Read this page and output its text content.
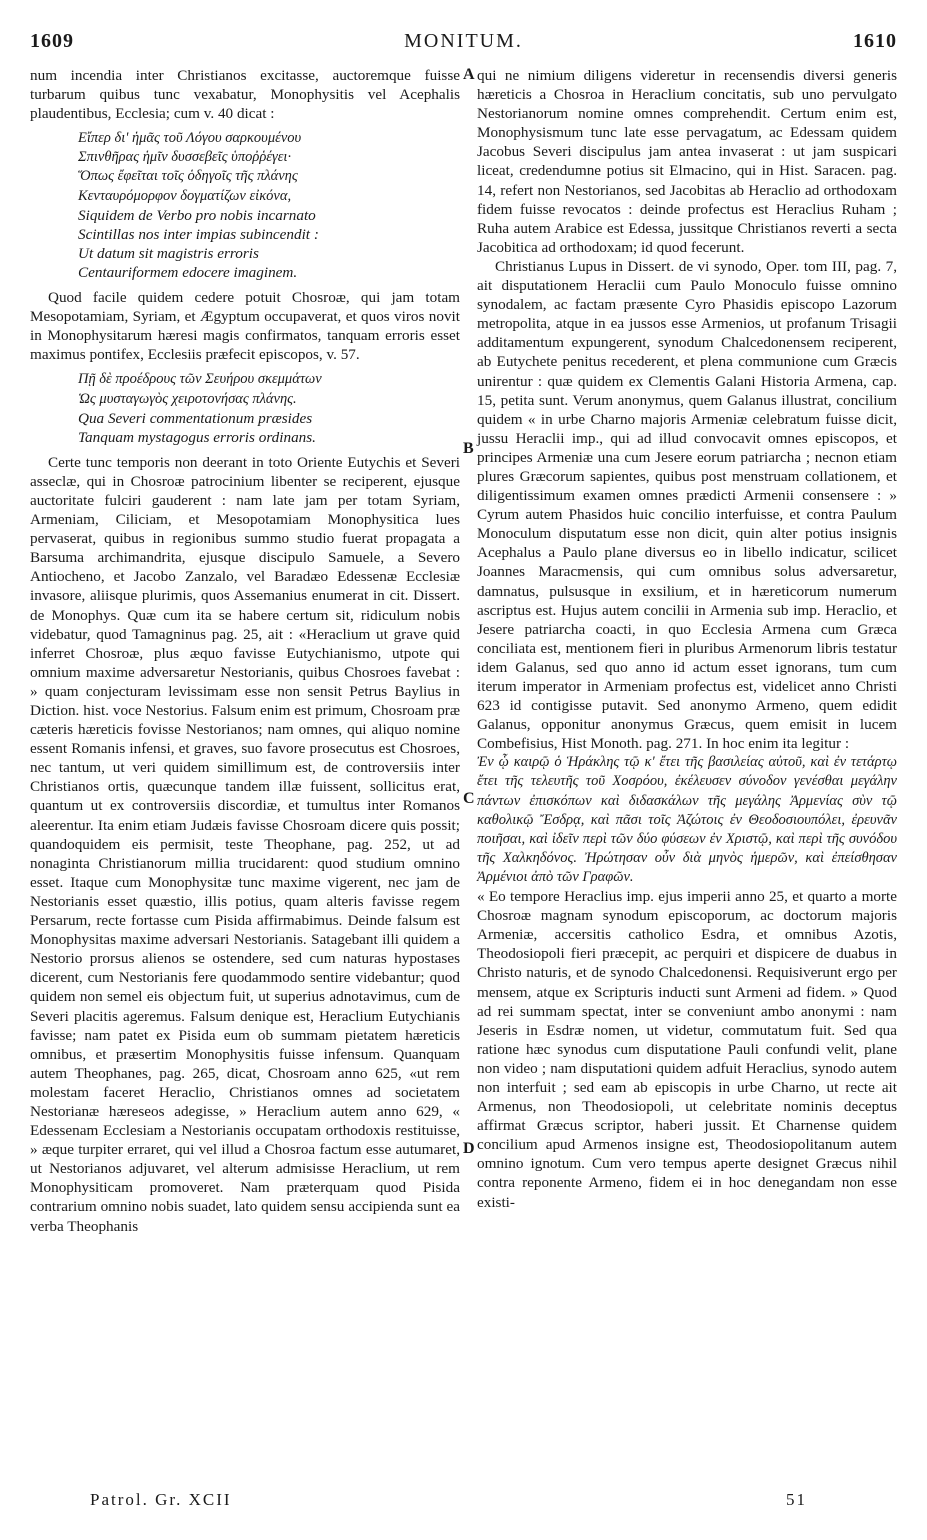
1609	MONITUM.	1610

num incendia inter Christianos excitasse, auctoremque fuisse turbarum quibus tunc vexabatur, Monophysitis vel Acephalis plaudentibus, Ecclesia; cum v. 40 dicat :

Εἴπερ δι' ἡμᾶς τοῦ Λόγου σαρκουμένου
Σπινθῆρας ἡμῖν δυσσεβεῖς ὑποῤῥέγει·
Ὅπως ἔφεῖται τοῖς ὁδηγοῖς τῆς πλάνης
Κενταυρόμορφον δογματίζων εἰκόνα,
Siquidem de Verbo pro nobis incarnato
Scintillas nos inter impias subincendit :
Ut datum sit magistris erroris
Centauriformem edocere imaginem.

Quod facile quidem cedere potuit Chosroæ, qui jam totam Mesopotamiam, Syriam, et Ægyptum occupaverat, et quos viros novit in Monophysitarum hæresi magis confirmatos, tanquam erroris esset maximus pontifex, Ecclesiis præfecit episcopos, v. 57.

Πῇ δὲ προέδρους τῶν Σευήρου σκεμμάτων
Ὡς μυσταγωγὸς χειροτονήσας πλάνης.
Qua Severi commentationum præsides
Tanquam mystagogus erroris ordinans.

Certe tunc temporis non deerant in toto Oriente Eutychis et Severi asseclæ, qui in Chosroæ patrocinium libenter se reciperent, ejusque auctoritate fulciri gauderent : nam late jam per totam Syriam, Armeniam, Ciliciam, et Mesopotamiam Monophysitica lues pervaserat, quibus in regionibus summo studio fuerat propagata a Barsuma archimandrita, ejusque discipulo Samuele, a Severo Antiocheno, et Jacobo Zanzalo, vel Baradæo Edessenæ Ecclesiæ invasore, aliisque plurimis, quos Assemanius enumerat in cit. Dissert. de Monophys. Quæ cum ita se habere certum sit, ridiculum nobis videbatur, quod Tamagninus pag. 25, ait : «Heraclium ut grave quid inferret Chosroæ, plus æquo favisse Eutychianismo, utpote qui omnium maxime adversaretur Nestorianis, quibus Chosroes favebat : » quam conjecturam levissimam esse non sensit Petrus Baylius in Diction. hist. voce Nestorius. Falsum enim est primum, Chosroam præ cæteris hæreticis fovisse Nestorianos; nam omnes, qui aliquo nomine essent Romanis infensi, et graves, suo favore prosecutus est Chosroes, nec tantum, ut veri quidem simillimum est, de controversiis inter Christianos ortis, quæcunque tandem illæ fuissent, sollicitus erat, quantum ut ex controversiis discordiæ, et tumultus inter Romanos aleerentur. Ita enim etiam Judæis favisse Chosroam dicere quis possit; quandoquidem eis permisit, teste Theophane, pag. 252, ut ad nonaginta Christianorum millia trucidarent: quod studium omnino esset. Itaque cum Monophysitæ tunc maxime vigerent, nec jam de Nestorianis esset quæstio, illis potius, quam alteris favisse regem Persarum, recte fortasse cum Pisida affirmabimus. Deinde falsum est Monophysitas maxime adversari Nestorianis. Satagebant illi quidem a Nestorio prorsus alienos se ostendere, sed cum naturas hypostases dicerent, cum Nestorianis fere quodammodo sentire videbantur; quod quidem non semel eis objectum fuit, ut superius adnotavimus, cum de Severi placitis ageremus. Falsum denique est, Heraclium Eutychianis favisse; nam patet ex Pisida eum ob summam pietatem hæreticis omnibus, et præsertim Monophysitis fuisse infensum. Quanquam autem Theophanes, pag. 265, dicat, Chosroam anno 625, «ut rem molestam faceret Heraclio, Christianos omnes ad societatem Nestorianæ hæreseos adegisse, » Heraclium autem anno 629, « Edessenam Ecclesiam a Nestorianis occupatam orthodoxis restituisse, » æque turpiter erraret, qui vel illud a Chosroa factum esse autumaret, ut Nestorianos adjuvaret, vel alterum admisisse Heraclium, ut rem Monophysiticam promoveret. Nam præterquam quod Pisida contrarium omnino nobis suadet, lato quidem sensu accipienda sunt ea verba Theophanis

A
B
C
D

qui ne nimium diligens videretur in recensendis diversi generis hæreticis a Chosroa in Heraclium concitatis, sub uno pervulgato Nestorianorum nomine omnes comprehendit. Certum enim est, Monophysismum tunc late esse pervagatum, ac Edessam quidem Jacobus Severi discipulus jam antea invaserat : ut jam suspicari liceat, credendumne potius sit Elmacino, qui in Hist. Saracen. pag. 14, refert non Nestorianos, sed Jacobitas ab Heraclio ad orthodoxam fidem fuisse revocatos : deinde profectus est Heraclius Ruham ; Ruha autem Arabice est Edessa, jussitque Christianos reverti a secta Jacobitica ad orthodoxam; id quod fecerunt.

Christianus Lupus in Dissert. de vi synodo, Oper. tom III, pag. 7, ait disputationem Heraclii cum Paulo Monoculo fuisse omnino synodalem, ac factam præsente Cyro Phasidis episcopo Lazorum metropolita, atque in ea jussos esse Armenios, ut profanum Trisagii additamentum expungerent, synodum Chalcedonensem reciperent, ab Eutychete penitus recederent, et plena communione cum Græcis unirentur : quæ quidem ex Clementis Galani Historia Armena, cap. 15, petita sunt. Verum anonymus, quem Galanus illustrat, concilium quidem « in urbe Charno majoris Armeniæ celebratum fuisse dicit, jussu Heraclii imp., qui ad illud convocavit omnes episcopos, et principes Armeniæ una cum Jesere eorum patriarcha ; necnon etiam plures Græcorum sapientes, quibus post menstruam collationem, et diligentissimum examen omnes prædicti Armenii consensere : » Cyrum autem Phasidos huic concilio interfuisse, et contra Paulum Monoculum disputatum esse non dicit, quin alter potius insignis Acephalus a Paulo plane diversus eo in libello indicatur, scilicet Joannes Maracmensis, qui cum omnibus solus adversaretur, damnatus, pulsusque in exsilium, et in hæreticorum numerum ascriptus est. Hujus autem concilii in Armenia sub imp. Heraclio, et Jesere patriarcha coacti, in quo Ecclesia Armena cum Græca conciliata est, mentionem fieri in pluribus Armenorum libris testatur idem Galanus, sed quo anno id actum esset ignorans, tum cum iterum imperator in Armeniam profectus est, videlicet anno Christi 623 id contigisse putavit. Sed anonymo Armeno, quem edidit Galanus, opponitur anonymus Græcus, quem emisit in lucem Combefisius, Hist Monoth. pag. 271. In hoc enim ita legitur :

Ἐν ᾧ καιρῷ ὁ Ἡράκλης τῷ κ' ἔτει τῆς βασιλείας αὐτοῦ, καὶ ἐν τετάρτῳ ἔτει τῆς τελευτῆς τοῦ Χοσρόου, ἐκέλευσεν σύνοδον γενέσθαι μεγάλην πάντων ἐπισκόπων καὶ διδασκάλων τῆς μεγάλης Ἀρμενίας σὺν τῷ καθολικῷ Ἔσδρᾳ, καὶ πᾶσι τοῖς Ἀζώτοις ἐν Θεοδοσιουπόλει, ἐρευνᾶν ποιῆσαι, καὶ ἰδεῖν περὶ τῶν δύο φύσεων ἐν Χριστῷ, καὶ περὶ τῆς συνόδου τῆς Χαλκηδόνος. Ἠρώτησαν οὖν διὰ μηνὸς ἡμερῶν, καὶ ἐπείσθησαν Ἀρμένιοι ἀπὸ τῶν Γραφῶν.

« Eo tempore Heraclius imp. ejus imperii anno 25, et quarto a morte Chosroæ magnam synodum episcoporum, ac doctorum majoris Armeniæ, accersitis catholico Esdra, et omnibus Azotis, Theodosiopoli fieri præcepit, ac perquiri et dispicere de duabus in Christo naturis, et de synodo Chalcedonensi. Requisiverunt ergo per mensem, atque ex Scripturis inducti sunt Armeni ad fidem. » Quod ad rei summam spectat, inter se conveniunt ambo anonymi : nam Jeseris in Esdræ nomen, ut videtur, commutatum fuit. Sed qua ratione hæc synodus cum disputatione Pauli confundi velit, plane non video ; nam disputationi quidem adfuit Heraclius, synodo autem non interfuit ; sed eam ab episcopis in urbe Charno, ut recte ait Armenus, non Theodosiopoli, ut celebritate nominis deceptus affirmat Græcus scriptor, haberi jussit. Et Charnense quidem concilium apud Armenos insigne est, Theodosiopolitanum autem omnino ignotum. Cum vero tempus aperte designet Græcus nihil contra reponente Armeno, fidem ei in hoc denegandam non esse existi-

Patrol. Gr. XCII	51
